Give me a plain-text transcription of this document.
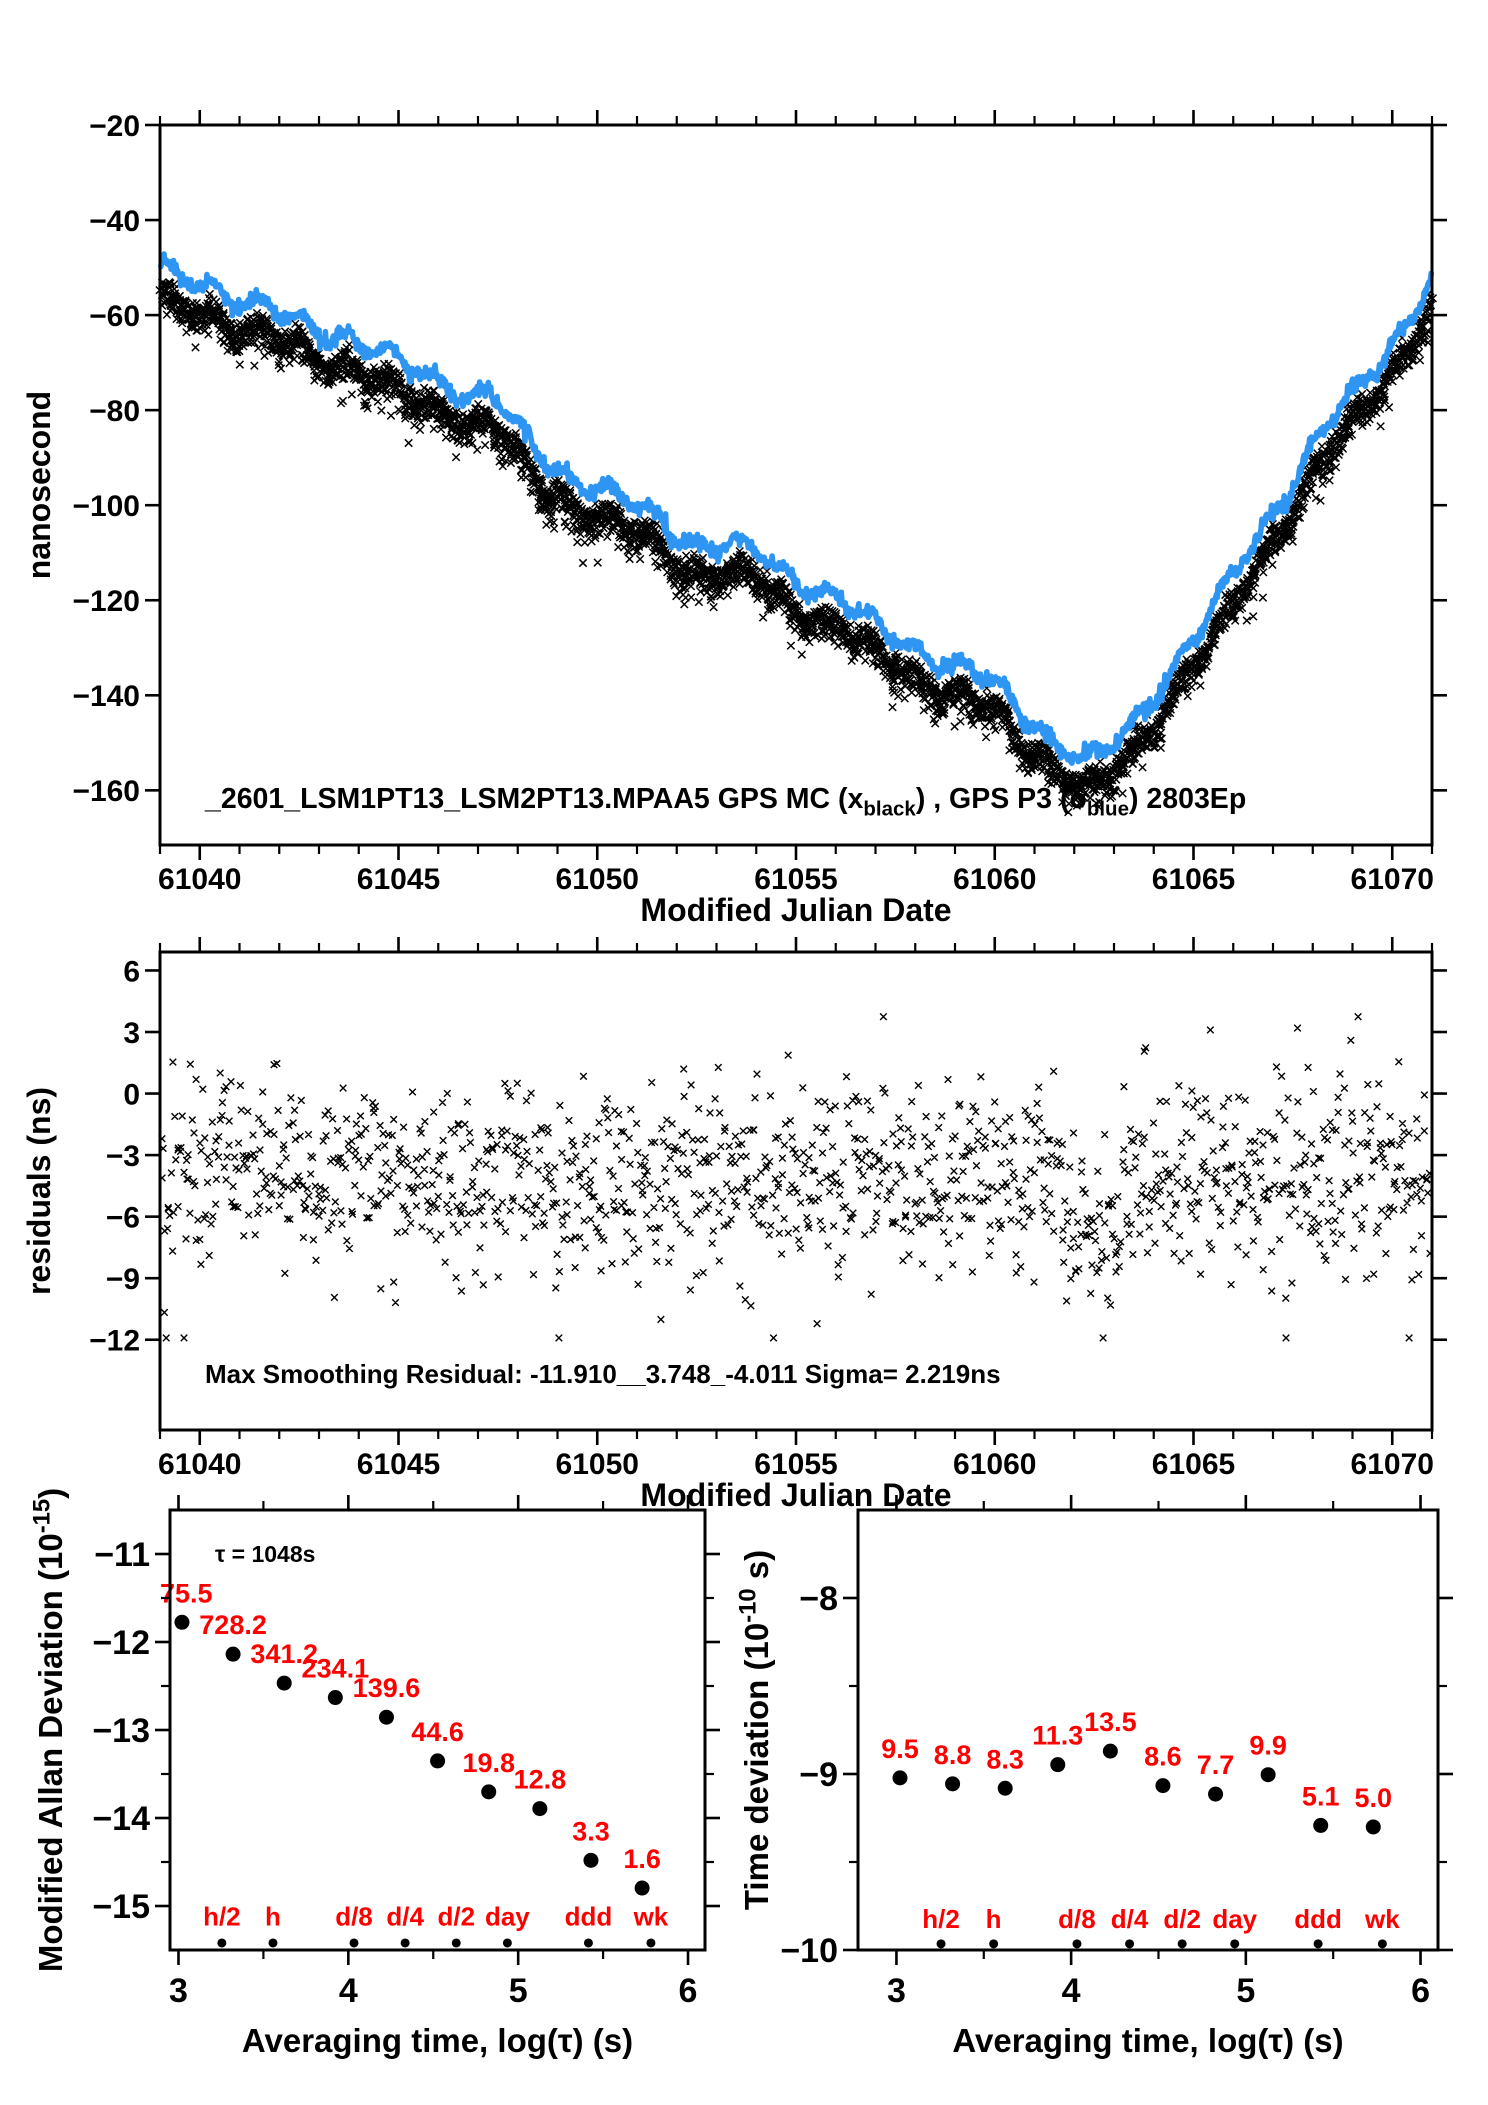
61040	61045	61050	61055	61060	61065	61070
−20
−40
−60
−80
−100
−120
−140
−160
Modified Julian Date
nanosecond
_2601_LSM1PT13_LSM2PT13.MPAA5 GPS MC $(x_{black})$ , GPS P3 $(o_{blue})$ 2803Ep
61040	61045	61050	61055	61060	61065	61070
6
3
0
−3
−6
−9
−12
Modified Julian Date
residuals (ns)
Max Smoothing Residual: -11.910__3.748_-4.011 Sigma= 2.219ns
h/2 h d/8 d/4 d/2 day ddd wk
75.5
728.2
341.2
234.1
139.6
44.6
19.8
12.8
3.3
1.6
3	4	5	6
−11
−12
−13
−14
−15
Averaging time, log(τ) (s)
Modified Allan Deviation $(10^{-15})$
τ = 1048s
h/2 h d/8 d/4 d/2 day ddd wk
9.5 8.8 8.3
11.3 13.5
8.6 7.7
9.9
5.1 5.0
3	4	5	6
−8
−9
−10
Averaging time, log(τ) (s)
Time deviation ($10^{-10}$ s)
